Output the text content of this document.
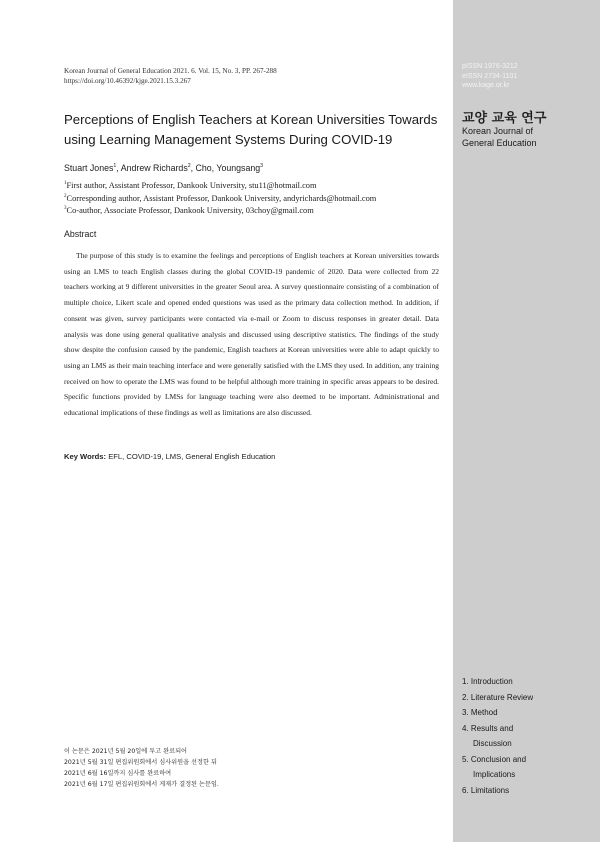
pISSN 1976-3212
eISSN 2734-1101
www.kage.or.kr
교양 교육 연구
Korean Journal of
General Education
1. Introduction
2. Literature Review
3. Method
4. Results and
Discussion
5. Conclusion and
Implications
6. Limitations
Korean Journal of General Education 2021. 6. Vol. 15, No. 3, PP. 267-288
https://doi.org/10.46392/kjge.2021.15.3.267
Perceptions of English Teachers at Korean Universities Towards using Learning Management Systems During COVID-19
Stuart Jones$^1$, Andrew Richards$^2$, Cho, Youngsang$^3$
$^1$First author, Assistant Professor, Dankook University, stu11@hotmail.com
$^2$Corresponding author, Assistant Professor, Dankook University, andyrichards@hotmail.com
$^3$Co-author, Associate Professor, Dankook University, 03choy@gmail.com
Abstract

The purpose of this study is to examine the feelings and perceptions of English teachers at Korean universities towards using an LMS to teach English classes during the global COVID-19 pandemic of 2020. Data were collected from 22 teachers working at 9 different universities in the greater Seoul area. A survey questionnaire consisting of a combination of multiple choice, Likert scale and opened ended questions was used as the primary data collection method. In addition, if consent was given, survey participants were contacted via e-mail or Zoom to discuss responses in greater detail. Data analysis was done using general qualitative analysis and discussed using descriptive statistics. The findings of the study show despite the confusion caused by the pandemic, English teachers at Korean universities were able to adapt quickly to using an LMS as their main teaching interface and were generally satisfied with the LMS they used. In addition, any training received on how to operate the LMS was found to be helpful although more training in specific areas appears to be desired. Specific functions provided by LMSs for language teaching were also deemed to be important. Administrational and educational implications of these findings as well as limitations are also discussed.

Key Words: EFL, COVID-19, LMS, General English Education
이 논문은 2021년 5월 20일에 투고 완료되어
2021년 5월 31일 편집위원회에서 심사위원을 선정한 뒤
2021년 6월 16일까지 심사를 완료하여
2021년 6월 17일 편집위원회에서 게재가 결정된 논문임.
